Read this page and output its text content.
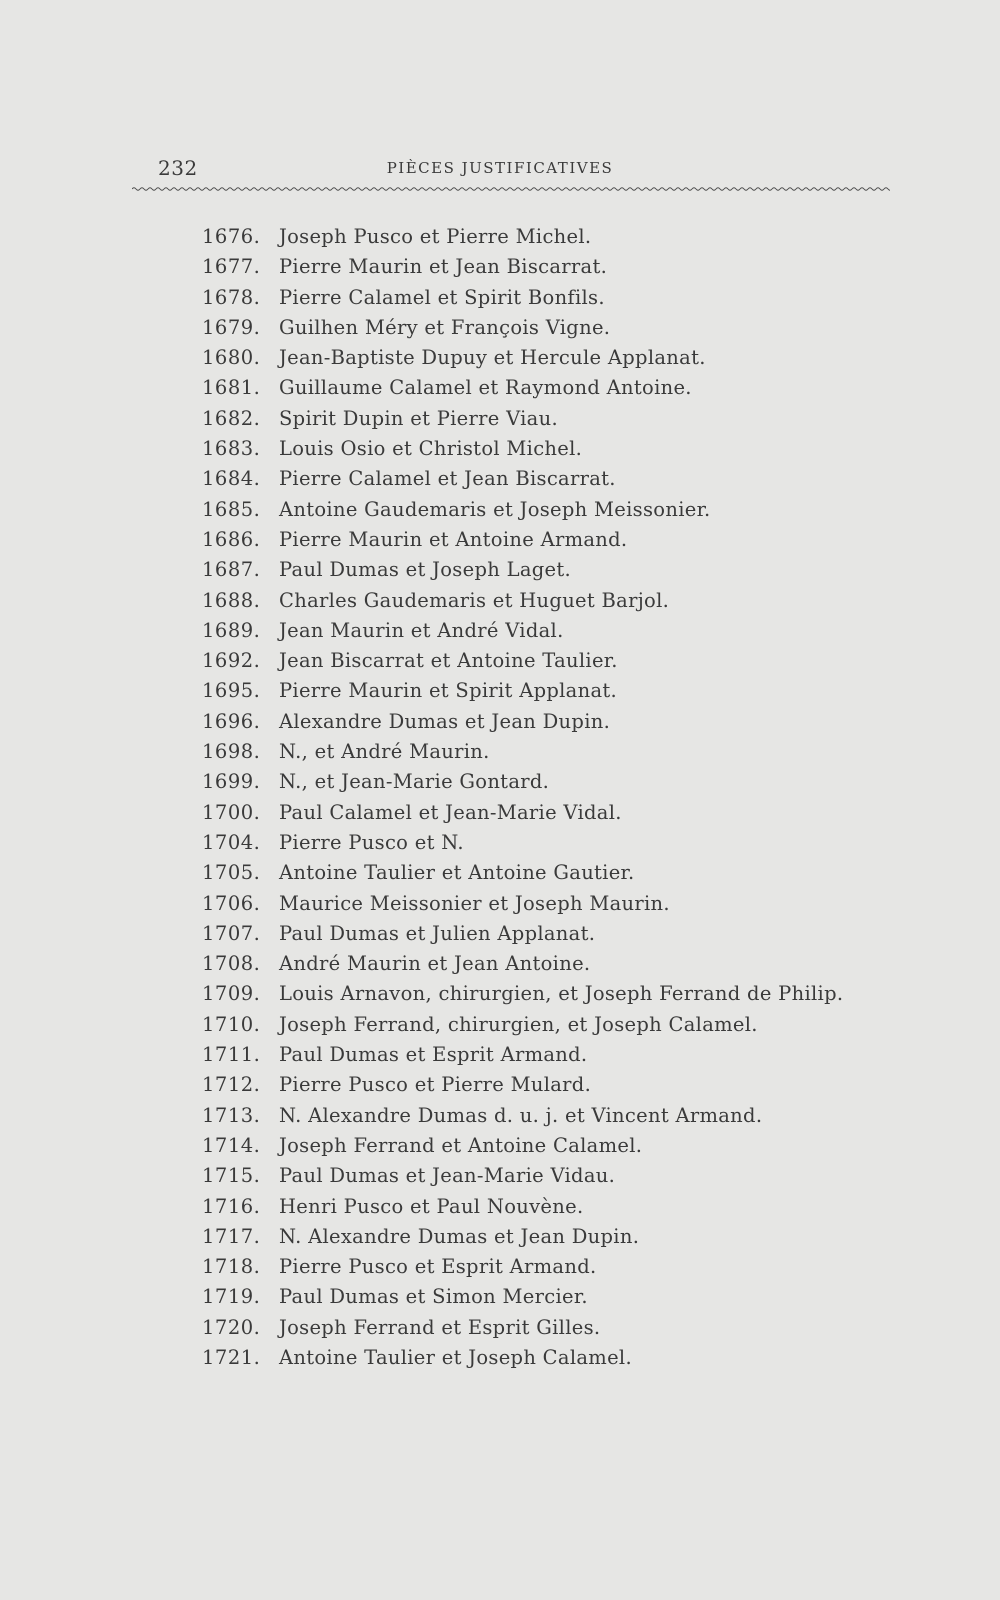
232	PIÈCES JUSTIFICATIVES
1676. Joseph Pusco et Pierre Michel.
1677. Pierre Maurin et Jean Biscarrat.
1678. Pierre Calamel et Spirit Bonfils.
1679. Guilhen Méry et François Vigne.
1680. Jean-Baptiste Dupuy et Hercule Applanat.
1681. Guillaume Calamel et Raymond Antoine.
1682. Spirit Dupin et Pierre Viau.
1683. Louis Osio et Christol Michel.
1684. Pierre Calamel et Jean Biscarrat.
1685. Antoine Gaudemaris et Joseph Meissonier.
1686. Pierre Maurin et Antoine Armand.
1687. Paul Dumas et Joseph Laget.
1688. Charles Gaudemaris et Huguet Barjol.
1689. Jean Maurin et André Vidal.
1692. Jean Biscarrat et Antoine Taulier.
1695. Pierre Maurin et Spirit Applanat.
1696. Alexandre Dumas et Jean Dupin.
1698. N., et André Maurin.
1699. N., et Jean-Marie Gontard.
1700. Paul Calamel et Jean-Marie Vidal.
1704. Pierre Pusco et N.
1705. Antoine Taulier et Antoine Gautier.
1706. Maurice Meissonier et Joseph Maurin.
1707. Paul Dumas et Julien Applanat.
1708. André Maurin et Jean Antoine.
1709. Louis Arnavon, chirurgien, et Joseph Ferrand de Philip.
1710. Joseph Ferrand, chirurgien, et Joseph Calamel.
1711. Paul Dumas et Esprit Armand.
1712. Pierre Pusco et Pierre Mulard.
1713. N. Alexandre Dumas d. u. j. et Vincent Armand.
1714. Joseph Ferrand et Antoine Calamel.
1715. Paul Dumas et Jean-Marie Vidau.
1716. Henri Pusco et Paul Nouvène.
1717. N. Alexandre Dumas et Jean Dupin.
1718. Pierre Pusco et Esprit Armand.
1719. Paul Dumas et Simon Mercier.
1720. Joseph Ferrand et Esprit Gilles.
1721. Antoine Taulier et Joseph Calamel.
